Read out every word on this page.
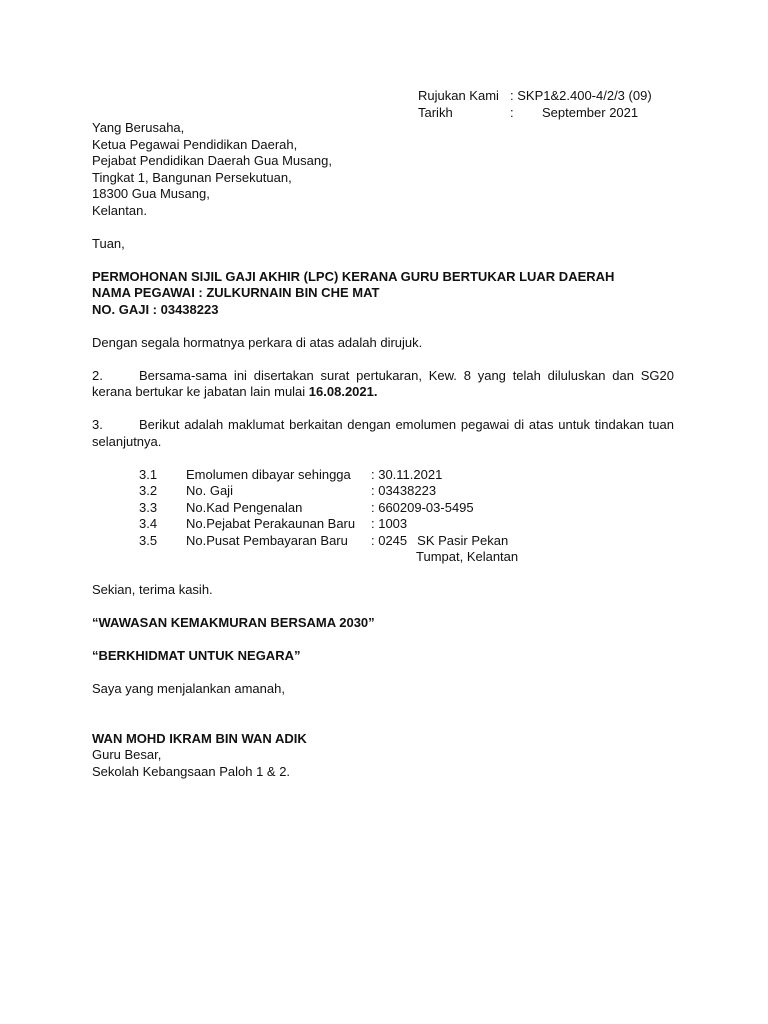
Rujukan Kami : SKP1&2.400-4/2/3 (09)
Tarikh	:	September 2021
Yang Berusaha,
Ketua Pegawai Pendidikan Daerah,
Pejabat Pendidikan Daerah Gua Musang,
Tingkat 1, Bangunan Persekutuan,
18300 Gua Musang,
Kelantan.
Tuan,
PERMOHONAN SIJIL GAJI AKHIR (LPC) KERANA GURU BERTUKAR LUAR DAERAH
NAMA PEGAWAI : ZULKURNAIN BIN CHE MAT
NO. GAJI : 03438223
Dengan segala hormatnya perkara di atas adalah dirujuk.
2.	Bersama-sama ini disertakan surat pertukaran, Kew. 8 yang telah diluluskan dan SG20 kerana bertukar ke jabatan lain mulai 16.08.2021.
3.	Berikut adalah maklumat berkaitan dengan emolumen pegawai di atas untuk tindakan tuan selanjutnya.
3.1	Emolumen dibayar sehingga	: 30.11.2021
3.2	No. Gaji	: 03438223
3.3	No.Kad Pengenalan	: 660209-03-5495
3.4	No.Pejabat Perakaunan Baru	: 1003
3.5	No.Pusat Pembayaran Baru	: 0245 SK Pasir Pekan
Tumpat, Kelantan
Sekian, terima kasih.
“WAWASAN KEMAKMURAN BERSAMA 2030”
“BERKHIDMAT UNTUK NEGARA”
Saya yang menjalankan amanah,
WAN MOHD IKRAM BIN WAN ADIK
Guru Besar,
Sekolah Kebangsaan Paloh 1 & 2.
